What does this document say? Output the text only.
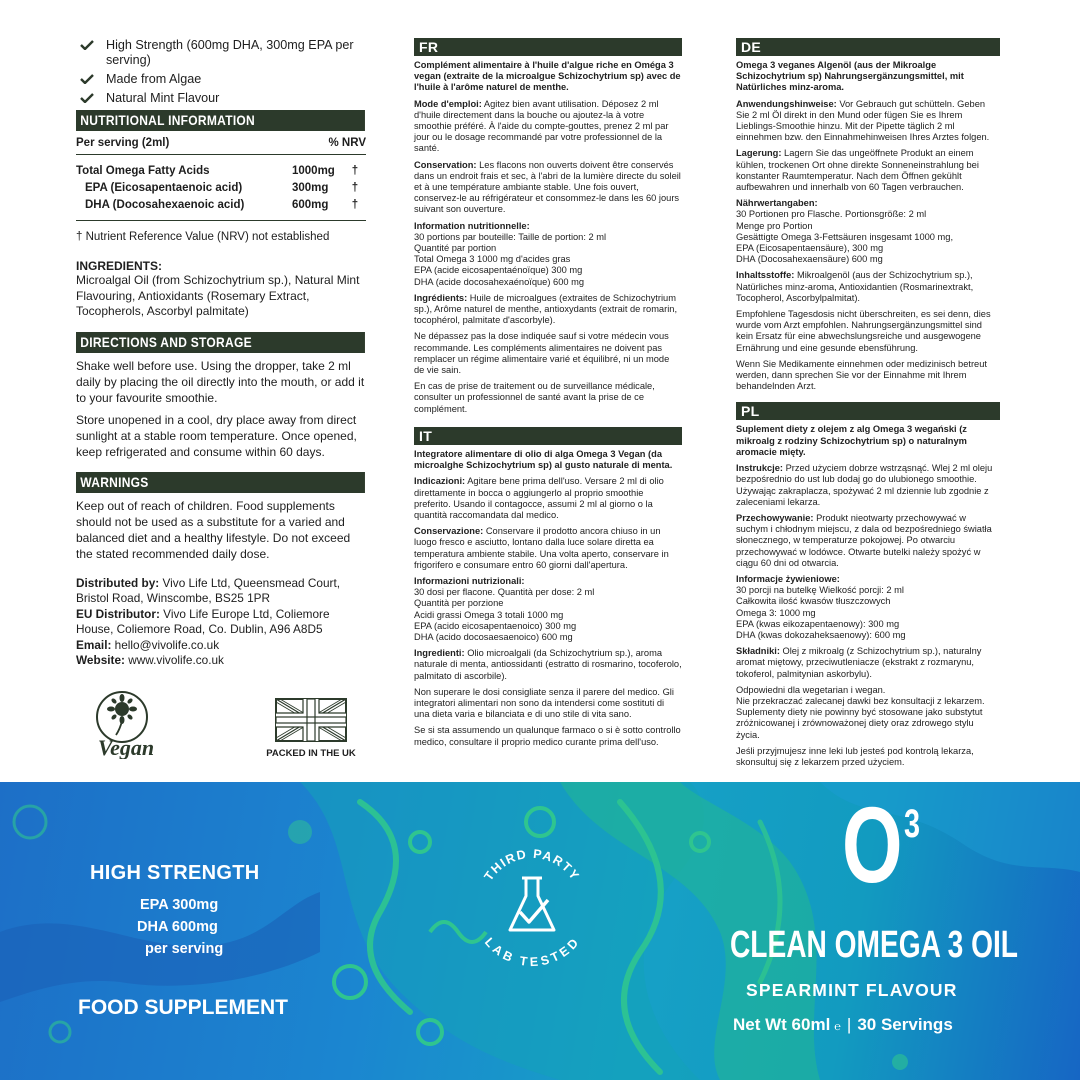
High Strength (600mg DHA, 300mg EPA per serving)
Made from Algae
Natural Mint Flavour
NUTRITIONAL INFORMATION
Per serving (2ml)	% NRV
Total Omega Fatty Acids	1000mg	†
EPA (Eicosapentaenoic acid)	300mg	†
DHA (Docosahexaenoic acid)	600mg	†
† Nutrient Reference Value (NRV) not established
INGREDIENTS:
Microalgal Oil (from Schizochytrium sp.), Natural Mint Flavouring, Antioxidants (Rosemary Extract, Tocopherols, Ascorbyl palmitate)
DIRECTIONS AND STORAGE

Shake well before use. Using the dropper, take 2 ml daily by placing the oil directly into the mouth, or add it to your favourite smoothie.

Store unopened in a cool, dry place away from direct sunlight at a stable room temperature. Once opened, keep refrigerated and consume within 60 days.

WARNINGS

Keep out of reach of children. Food supplements should not be used as a substitute for a varied and balanced diet and a healthy lifestyle. Do not exceed the stated recommended daily dose.

Distributed by: Vivo Life Ltd, Queensmead Court, Bristol Road, Winscombe, BS25 1PR
EU Distributor: Vivo Life Europe Ltd, Coliemore House, Coliemore Road, Co. Dublin, A96 A8D5
Email: hello@vivolife.co.uk
Website: www.vivolife.co.uk
Vegan	PACKED IN THE UK
FR

Complément alimentaire à l'huile d'algue riche en Oméga 3 vegan (extraite de la microalgue Schizochytrium sp) avec de l'huile à l'arôme naturel de menthe.

Mode d'emploi: Agitez bien avant utilisation. Déposez 2 ml d'huile directement dans la bouche ou ajoutez-la à votre smoothie préféré. À l'aide du compte-gouttes, prenez 2 ml par jour ou le dosage recommandé par votre professionnel de la santé.

Conservation: Les flacons non ouverts doivent être conservés dans un endroit frais et sec, à l'abri de la lumière directe du soleil et à une température ambiante stable. Une fois ouvert, conservez-le au réfrigérateur et consommez-le dans les 60 jours suivant son ouverture.

Information nutritionnelle:
30 portions par bouteille: Taille de portion: 2 ml
Quantité par portion
Total Omega 3 1000 mg d'acides gras
EPA (acide eicosapentaénoïque) 300 mg
DHA (acide docosahexaénoïque) 600 mg

Ingrédients: Huile de microalgues (extraites de Schizochytrium sp.), Arôme naturel de menthe, antioxydants (extrait de romarin, tocophérol, palmitate d'ascorbyle).

Ne dépassez pas la dose indiquée sauf si votre médecin vous recommande. Les compléments alimentaires ne doivent pas remplacer un régime alimentaire varié et équilibré, ni un mode de vie sain.

En cas de prise de traitement ou de surveillance médicale, consulter un professionnel de santé avant la prise de ce complément.

IT

Integratore alimentare di olio di alga Omega 3 Vegan (da microalghe Schizochytrium sp) al gusto naturale di menta.

Indicazioni: Agitare bene prima dell'uso. Versare 2 ml di olio direttamente in bocca o aggiungerlo al proprio smoothie preferito. Usando il contagocce, assumi 2 ml al giorno o la quantità raccomandata dal medico.

Conservazione: Conservare il prodotto ancora chiuso in un luogo fresco e asciutto, lontano dalla luce solare diretta ea temperatura ambiente stabile. Una volta aperto, conservare in frigorifero e consumare entro 60 giorni dall'apertura.

Informazioni nutrizionali:
30 dosi per flacone. Quantità per dose: 2 ml
Quantità per porzione
Acidi grassi Omega 3 totali 1000 mg
EPA (acido eicosapentaenoico) 300 mg
DHA (acido docosaesaenoico) 600 mg

Ingredienti: Olio microalgali (da Schizochytrium sp.), aroma naturale di menta, antiossidanti (estratto di rosmarino, tocoferolo, palmitato di ascorbile).

Non superare le dosi consigliate senza il parere del medico. Gli integratori alimentari non sono da intendersi come sostituti di una dieta varia e bilanciata e di uno stile di vita sano.

Se si sta assumendo un qualunque farmaco o si è sotto controllo medico, consultare il proprio medico curante prima dell'uso.

DE

Omega 3 veganes Algenöl (aus der Mikroalge Schizochytrium sp) Nahrungsergänzungsmittel, mit Natürliches minz-aroma.

Anwendungshinweise: Vor Gebrauch gut schütteln. Geben Sie 2 ml Öl direkt in den Mund oder fügen Sie es Ihrem Lieblings-Smoothie hinzu. Mit der Pipette täglich 2 ml einnehmen bzw. den Einnahmehinweisen Ihres Arztes folgen.

Lagerung: Lagern Sie das ungeöffnete Produkt an einem kühlen, trockenen Ort ohne direkte Sonneneinstrahlung bei konstanter Raumtemperatur. Nach dem Öffnen gekühlt aufbewahren und innerhalb von 60 Tagen verbrauchen.

Nährwertangaben:
30 Portionen pro Flasche. Portionsgröße: 2 ml
Menge pro Portion
Gesättigte Omega 3-Fettsäuren insgesamt 1000 mg,
EPA (Eicosapentaensäure), 300 mg
DHA (Docosahexaensäure) 600 mg

Inhaltsstoffe: Mikroalgenöl (aus der Schizochytrium sp.), Natürliches minz-aroma, Antioxidantien (Rosmarinextrakt, Tocopherol, Ascorbylpalmitat).

Empfohlene Tagesdosis nicht überschreiten, es sei denn, dies wurde vom Arzt empfohlen. Nahrungsergänzungsmittel sind kein Ersatz für eine abwechslungsreiche und ausgewogene Ernährung und eine gesunde ebensführung.

Wenn Sie Medikamente einnehmen oder medizinisch betreut werden, dann sprechen Sie vor der Einnahme mit Ihrem behandelnden Arzt.

PL

Suplement diety z olejem z alg Omega 3 wegański (z mikroalg z rodziny Schizochytrium sp) o naturalnym aromacie mięty.

Instrukcje: Przed użyciem dobrze wstrząsnąć. Wlej 2 ml oleju bezpośrednio do ust lub dodaj go do ulubionego smoothie. Używając zakraplacza, spożywać 2 ml dziennie lub zgodnie z zaleceniami lekarza.

Przechowywanie: Produkt nieotwarty przechowywać w suchym i chłodnym miejscu, z dala od bezpośredniego światła słonecznego, w temperaturze pokojowej. Po otwarciu przechowywać w lodówce. Otwarte butelki należy spożyć w ciągu 60 dni od otwarcia.

Informacje żywieniowe:
30 porcji na butelkę Wielkość porcji: 2 ml
Całkowita ilość kwasów tłuszczowych
Omega 3: 1000 mg
EPA (kwas eikozapentaenowy): 300 mg
DHA (kwas dokozaheksaenowy): 600 mg

Składniki: Olej z mikroalg (z Schizochytrium sp.), naturalny aromat miętowy, przeciwutleniacze (ekstrakt z rozmarynu, tokoferol, palmitynian askorbylu).

Odpowiedni dla wegetarian i wegan.
Nie przekraczać zalecanej dawki bez konsultacji z lekarzem. Suplementy diety nie powinny być stosowane jako substytut zróżnicowanej i zrównoważonej diety oraz zdrowego stylu życia.

Jeśli przyjmujesz inne leki lub jesteś pod kontrolą lekarza, skonsultuj się z lekarzem przed użyciem.

HIGH STRENGTH
EPA 300mg
DHA 600mg
per serving
FOOD SUPPLEMENT
THIRD PARTY
LAB TESTED
O 3
CLEAN OMEGA 3 OIL
SPEARMINT FLAVOUR
Net Wt 60ml ℮ | 30 Servings
